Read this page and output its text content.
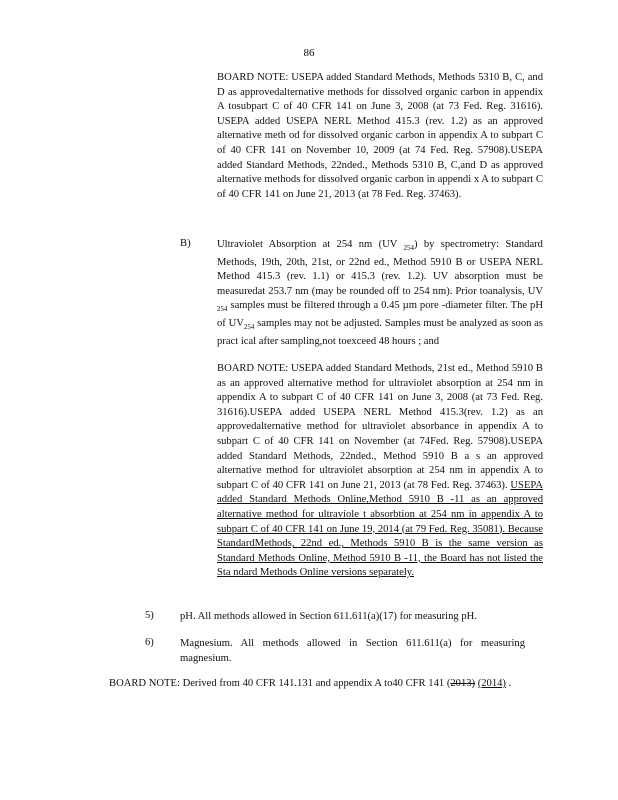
86
BOARD NOTE: USEPA added Standard Methods, Methods 5310 B, C, and D as approvedalternative methods for dissolved organic carbon in appendix A tosubpart C of 40 CFR 141 on June 3, 2008 (at 73 Fed. Reg. 31616). USEPA added USEPA NERL Method 415.3 (rev. 1.2) as an approved alternative meth od for dissolved organic carbon in appendix A to subpart C of 40 CFR 141 on November 10, 2009 (at 74 Fed. Reg. 57908).USEPA added Standard Methods, 22nded., Methods 5310 B, C,and D as approved alternative methods for dissolved organic carbon in appendi x A to subpart C of 40 CFR 141 on June 21, 2013 (at 78 Fed. Reg. 37463).
B) Ultraviolet Absorption at 254 nm (UV $_{254}$) by spectrometry: Standard Methods, 19th, 20th, 21st, or 22nd ed., Method 5910 B or USEPA NERL Method 415.3 (rev. 1.1) or 415.3 (rev. 1.2). UV absorption must be measuredat 253.7 nm (may be rounded off to 254 nm). Prior toanalysis, UV $_{254}$ samples must be filtered through a 0.45 µm pore -diameter filter. The pH of $UV_{254}$ samples may not be adjusted. Samples must be analyzed as soon as pract ical after sampling,not toexceed 48 hours ; and
BOARD NOTE: USEPA added Standard Methods, 21st ed., Method 5910 B as an approved alternative method for ultraviolet absorption at 254 nm in appendix A to subpart C of 40 CFR 141 on June 3, 2008 (at 73 Fed. Reg. 31616).USEPA added USEPA NERL Method 415.3(rev. 1.2) as an approvedalternative method for ultraviolet absorbance in appendix A to subpart C of 40 CFR 141 on November (at 74Fed. Reg. 57908).USEPA added Standard Methods, 22nded., Method 5910 B a s an approved alternative method for ultraviolet absorption at 254 nm in appendix A to subpart C of 40 CFR 141 on June 21, 2013 (at 78 Fed. Reg. 37463). USEPA added Standard Methods Online,Method 5910 B -11 as an approved alternative method for ultraviole t absorbtion at 254 nm in appendix A to subpart C of 40 CFR 141 on June 19, 2014 (at 79 Fed. Reg. 35081). Because StandardMethods, 22nd ed., Methods 5910 B is the same version as Standard Methods Online, Method 5910 B -11, the Board has not listed the Sta ndard Methods Online versions separately.
5) pH. All methods allowed in Section 611.611(a)(17) for measuring pH.
6) Magnesium. All methods allowed in Section 611.611(a) for measuring magnesium.
BOARD NOTE: Derived from 40 CFR 141.131 and appendix A to40 CFR 141 (2013) (2014) .
